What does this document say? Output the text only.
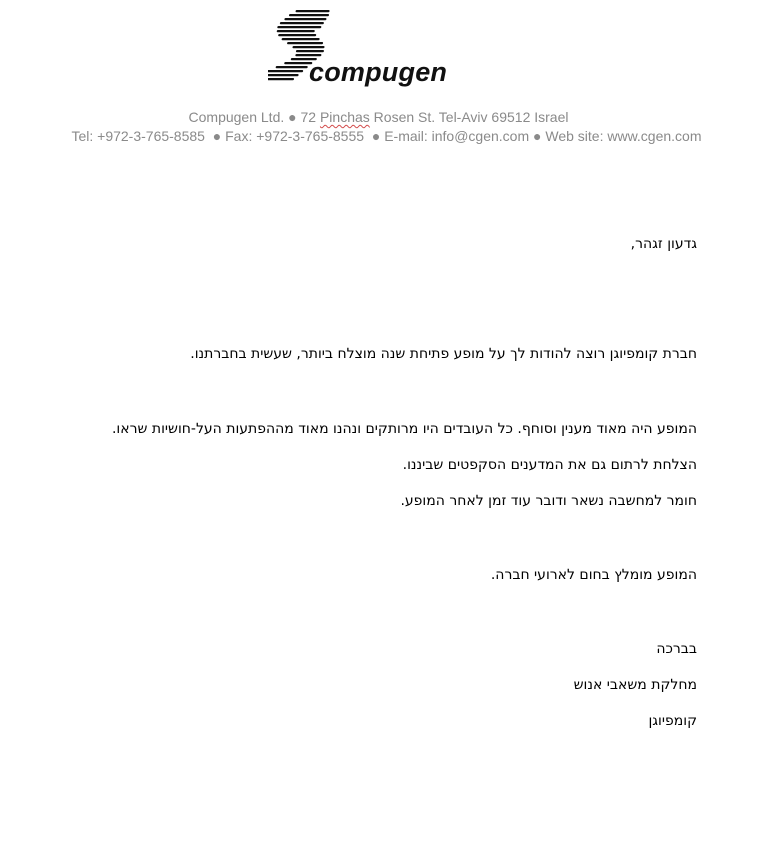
compugen
Compugen Ltd. ● 72 Pinchas Rosen St. Tel-Aviv 69512 Israel
Tel: +972-3-765-8585 ● Fax: +972-3-765-8555 ● E-mail: info@cgen.com ● Web site: www.cgen.com
גדעון זגהר,
חברת קומפיוגן רוצה להודות לך על מופע פתיחת שנה מוצלח ביותר, שעשית בחברתנו.
המופע היה מאוד מענין וסוחף. כל העובדים היו מרותקים ונהנו מאוד מההפתעות העל-חושיות שראו.
הצלחת לרתום גם את המדענים הסקפטים שביננו.
חומר למחשבה נשאר ודובר עוד זמן לאחר המופע.
המופע מומלץ בחום לארועי חברה.
בברכה
מחלקת משאבי אנוש
קומפיוגן
